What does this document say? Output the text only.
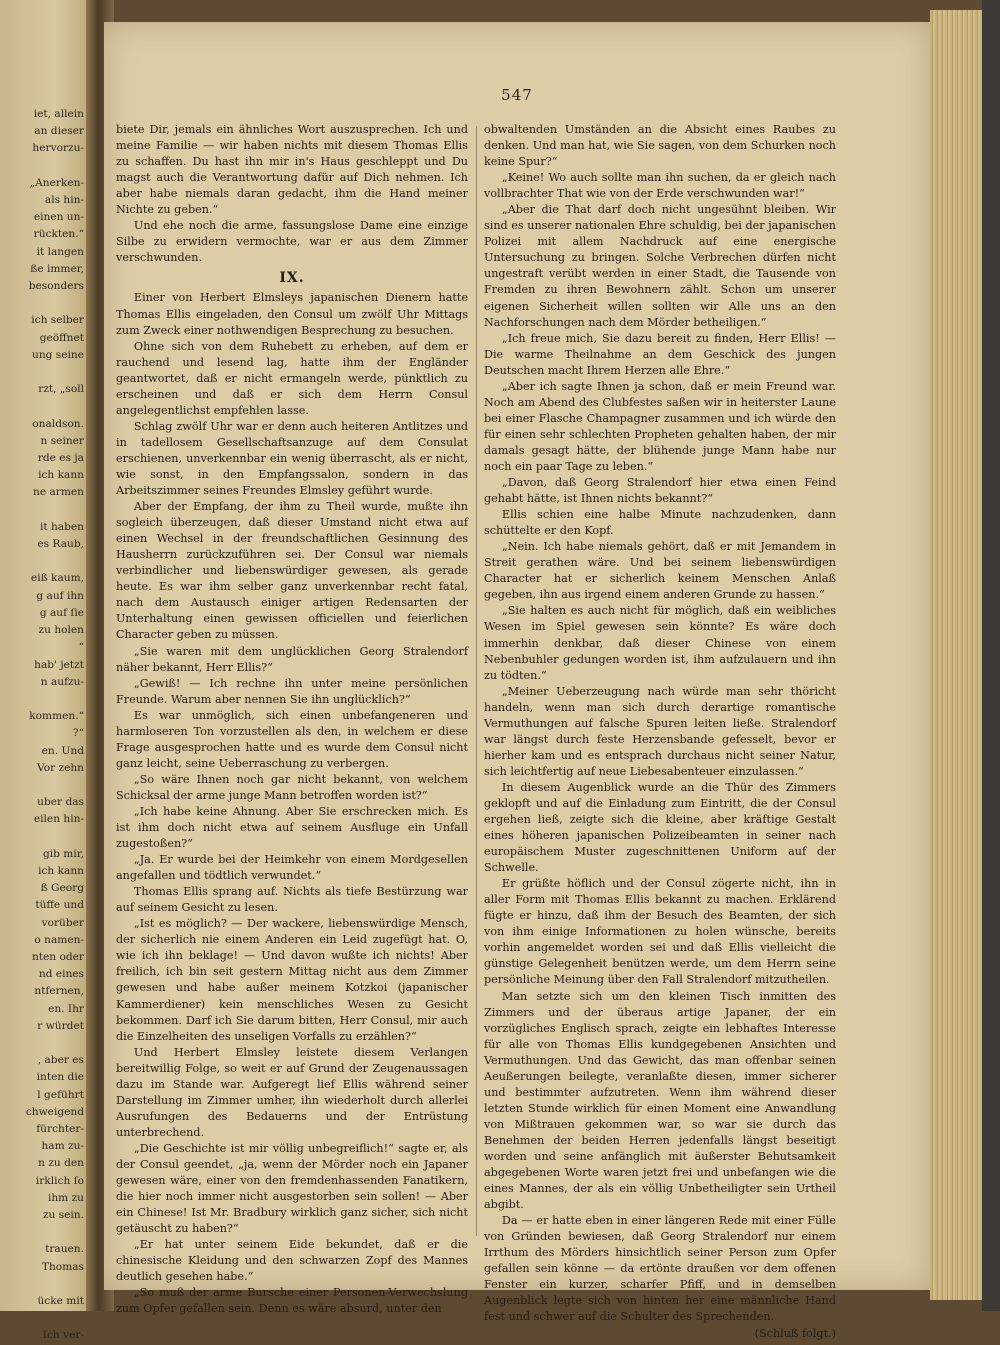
iet, allein
an dieser
hervorzu-

„Anerken-
als hin-
einen un-
rückten.“
it langen
ße immer,
besonders

ich selber
geöffnet
ung seine

rzt, „soll

onaldson.
n seiner
rde es ja
ich kann
ne armen

it haben
es Raub,

eiß kaum,
g auf ihn
g auf ſie
zu holen
“
hab' jetzt
n aufzu-

kommen.“
?“
en. Und
Vor zehn

uber das
eilen hin-

gib mir,
ich kann
ß Georg
tüffe und
vorüber
o namen-
nten oder
nd eines
ntfernen,
en. Ihr
r würdet

, aber es
inten die
l geführt
chweigend
fürchter-
ham zu-
n zu den
irklich ſo
ihm zu
zu sein.

trauen.
Thomas

ücke mit

Ich ver-
547

biete Dir, jemals ein ähnliches Wort auszusprechen. Ich und meine Familie — wir haben nichts mit diesem Thomas Ellis zu schaffen. Du hast ihn mir in's Haus geschleppt und Du magst auch die Verantwortung dafür auf Dich nehmen. Ich aber habe niemals daran gedacht, ihm die Hand meiner Nichte zu geben.“

Und ehe noch die arme, fassungslose Dame eine einzige Silbe zu erwidern vermochte, war er aus dem Zimmer verschwunden.

IX.

Einer von Herbert Elmsleys japanischen Dienern hatte Thomas Ellis eingeladen, den Consul um zwölf Uhr Mittags zum Zweck einer nothwendigen Besprechung zu besuchen.

Ohne sich von dem Ruhebett zu erheben, auf dem er rauchend und lesend lag, hatte ihm der Engländer geantwortet, daß er nicht ermangeln werde, pünktlich zu erscheinen und daß er sich dem Herrn Consul angelegentlichst empfehlen lasse.

Schlag zwölf Uhr war er denn auch heiteren Antlitzes und in tadellosem Gesellschaftsanzuge auf dem Consulat erschienen, unverkennbar ein wenig überrascht, als er nicht, wie sonst, in den Empfangssalon, sondern in das Arbeitszimmer seines Freundes Elmsley geführt wurde.

Aber der Empfang, der ihm zu Theil wurde, mußte ihn sogleich überzeugen, daß dieser Umstand nicht etwa auf einen Wechsel in der freundschaftlichen Gesinnung des Hausherrn zurückzuführen sei. Der Consul war niemals verbindlicher und liebenswürdiger gewesen, als gerade heute. Es war ihm selber ganz unverkennbar recht fatal, nach dem Austausch einiger artigen Redensarten der Unterhaltung einen gewissen officiellen und feierlichen Character geben zu müssen.

„Sie waren mit dem unglücklichen Georg Stralendorf näher bekannt, Herr Ellis?“

„Gewiß! — Ich rechne ihn unter meine persönlichen Freunde. Warum aber nennen Sie ihn unglücklich?“

Es war unmöglich, sich einen unbefangeneren und harmloseren Ton vorzustellen als den, in welchem er diese Frage ausgesprochen hatte und es wurde dem Consul nicht ganz leicht, seine Ueberraschung zu verbergen.

„So wäre Ihnen noch gar nicht bekannt, von welchem Schicksal der arme junge Mann betroffen worden ist?“

„Ich habe keine Ahnung. Aber Sie erschrecken mich. Es ist ihm doch nicht etwa auf seinem Ausfluge ein Unfall zugestoßen?“

„Ja. Er wurde bei der Heimkehr von einem Mordgesellen angefallen und tödtlich verwundet.“

Thomas Ellis sprang auf. Nichts als tiefe Bestürzung war auf seinem Gesicht zu lesen.

„Ist es möglich? — Der wackere, liebenswürdige Mensch, der sicherlich nie einem Anderen ein Leid zugefügt hat. O, wie ich ihn beklage! — Und davon wußte ich nichts! Aber freilich, ich bin seit gestern Mittag nicht aus dem Zimmer gewesen und habe außer meinem Kotzkoi (japanischer Kammerdiener) kein menschliches Wesen zu Gesicht bekommen. Darf ich Sie darum bitten, Herr Consul, mir auch die Einzelheiten des unseligen Vorfalls zu erzählen?“

Und Herbert Elmsley leistete diesem Verlangen bereitwillig Folge, so weit er auf Grund der Zeugenaussagen dazu im Stande war. Aufgeregt lief Ellis während seiner Darstellung im Zimmer umher, ihn wiederholt durch allerlei Ausrufungen des Bedauerns und der Entrüstung unterbrechend.

„Die Geschichte ist mir völlig unbegreiflich!“ sagte er, als der Consul geendet, „ja, wenn der Mörder noch ein Japaner gewesen wäre, einer von den fremdenhassenden Fanatikern, die hier noch immer nicht ausgestorben sein sollen! — Aber ein Chinese! Ist Mr. Bradbury wirklich ganz sicher, sich nicht getäuscht zu haben?“

„Er hat unter seinem Eide bekundet, daß er die chinesische Kleidung und den schwarzen Zopf des Mannes deutlich gesehen habe.“

„So muß der arme Bursche einer Personen-Verwechslung zum Opfer gefallen sein. Denn es wäre absurd, unter den

obwaltenden Umständen an die Absicht eines Raubes zu denken. Und man hat, wie Sie sagen, von dem Schurken noch keine Spur?“

„Keine! Wo auch sollte man ihn suchen, da er gleich nach vollbrachter That wie von der Erde verschwunden war!“

„Aber die That darf doch nicht ungesühnt bleiben. Wir sind es unserer nationalen Ehre schuldig, bei der japanischen Polizei mit allem Nachdruck auf eine energische Untersuchung zu bringen. Solche Verbrechen dürfen nicht ungestraft verübt werden in einer Stadt, die Tausende von Fremden zu ihren Bewohnern zählt. Schon um unserer eigenen Sicherheit willen sollten wir Alle uns an den Nachforschungen nach dem Mörder betheiligen.“

„Ich freue mich, Sie dazu bereit zu finden, Herr Ellis! — Die warme Theilnahme an dem Geschick des jungen Deutschen macht Ihrem Herzen alle Ehre.“

„Aber ich sagte Ihnen ja schon, daß er mein Freund war. Noch am Abend des Clubfestes saßen wir in heiterster Laune bei einer Flasche Champagner zusammen und ich würde den für einen sehr schlechten Propheten gehalten haben, der mir damals gesagt hätte, der blühende junge Mann habe nur noch ein paar Tage zu leben.“

„Davon, daß Georg Stralendorf hier etwa einen Feind gehabt hätte, ist Ihnen nichts bekannt?“

Ellis schien eine halbe Minute nachzudenken, dann schüttelte er den Kopf.

„Nein. Ich habe niemals gehört, daß er mit Jemandem in Streit gerathen wäre. Und bei seinem liebenswürdigen Character hat er sicherlich keinem Menschen Anlaß gegeben, ihn aus irgend einem anderen Grunde zu hassen.“

„Sie halten es auch nicht für möglich, daß ein weibliches Wesen im Spiel gewesen sein könnte? Es wäre doch immerhin denkbar, daß dieser Chinese von einem Nebenbuhler gedungen worden ist, ihm aufzulauern und ihn zu tödten.“

„Meiner Ueberzeugung nach würde man sehr thöricht handeln, wenn man sich durch derartige romantische Vermuthungen auf falsche Spuren leiten ließe. Stralendorf war längst durch feste Herzensbande gefesselt, bevor er hierher kam und es entsprach durchaus nicht seiner Natur, sich leichtfertig auf neue Liebesabenteuer einzulassen.“

In diesem Augenblick wurde an die Thür des Zimmers geklopft und auf die Einladung zum Eintritt, die der Consul ergehen ließ, zeigte sich die kleine, aber kräftige Gestalt eines höheren japanischen Polizeibeamten in seiner nach europäischem Muster zugeschnittenen Uniform auf der Schwelle.

Er grüßte höflich und der Consul zögerte nicht, ihn in aller Form mit Thomas Ellis bekannt zu machen. Erklärend fügte er hinzu, daß ihm der Besuch des Beamten, der sich von ihm einige Informationen zu holen wünsche, bereits vorhin angemeldet worden sei und daß Ellis vielleicht die günstige Gelegenheit benützen werde, um dem Herrn seine persönliche Meinung über den Fall Stralendorf mitzutheilen.

Man setzte sich um den kleinen Tisch inmitten des Zimmers und der überaus artige Japaner, der ein vorzügliches Englisch sprach, zeigte ein lebhaftes Interesse für alle von Thomas Ellis kundgegebenen Ansichten und Vermuthungen. Und das Gewicht, das man offenbar seinen Aeußerungen beilegte, veranlaßte diesen, immer sicherer und bestimmter aufzutreten. Wenn ihm während dieser letzten Stunde wirklich für einen Moment eine Anwandlung von Mißtrauen gekommen war, so war sie durch das Benehmen der beiden Herren jedenfalls längst beseitigt worden und seine anfänglich mit äußerster Behutsamkeit abgegebenen Worte waren jetzt frei und unbefangen wie die eines Mannes, der als ein völlig Unbetheiligter sein Urtheil abgibt.

Da — er hatte eben in einer längeren Rede mit einer Fülle von Gründen bewiesen, daß Georg Stralendorf nur einem Irrthum des Mörders hinsichtlich seiner Person zum Opfer gefallen sein könne — da ertönte draußen vor dem offenen Fenster ein kurzer, scharfer Pfiff, und in demselben Augenblick legte sich von hinten her eine männliche Hand fest und schwer auf die Schulter des Sprechenden.

(Schluß folgt.)
